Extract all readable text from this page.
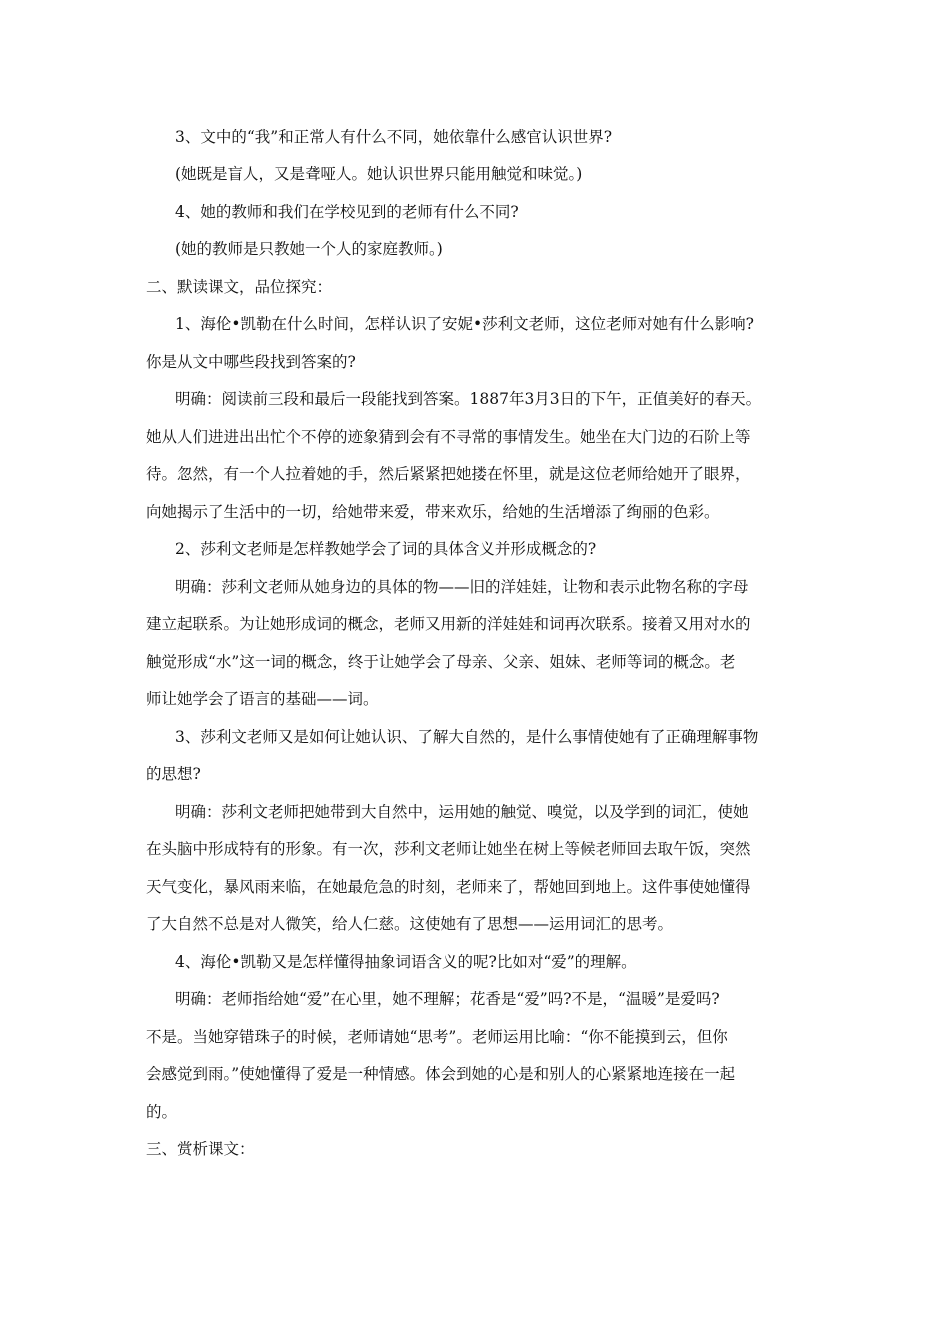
3、文中的“我”和正常人有什么不同，她依靠什么感官认识世界?
(她既是盲人，又是聋哑人。她认识世界只能用触觉和味觉。)
4、她的教师和我们在学校见到的老师有什么不同?
(她的教师是只教她一个人的家庭教师。)
二、默读课文，品位探究：
1、海伦•凯勒在什么时间，怎样认识了安妮•莎利文老师，这位老师对她有什么影响?
你是从文中哪些段找到答案的?
明确：阅读前三段和最后一段能找到答案。1887年3月3日的下午，正值美好的春天。
她从人们进进出出忙个不停的迹象猜到会有不寻常的事情发生。她坐在大门边的石阶上等
待。忽然，有一个人拉着她的手，然后紧紧把她搂在怀里，就是这位老师给她开了眼界，
向她揭示了生活中的一切，给她带来爱，带来欢乐，给她的生活增添了绚丽的色彩。
2、莎利文老师是怎样教她学会了词的具体含义并形成概念的?
明确：莎利文老师从她身边的具体的物——旧的洋娃娃，让物和表示此物名称的字母
建立起联系。为让她形成词的概念，老师又用新的洋娃娃和词再次联系。接着又用对水的
触觉形成“水”这一词的概念，终于让她学会了母亲、父亲、姐妹、老师等词的概念。老
师让她学会了语言的基础——词。
3、莎利文老师又是如何让她认识、了解大自然的，是什么事情使她有了正确理解事物
的思想?
明确：莎利文老师把她带到大自然中，运用她的触觉、嗅觉，以及学到的词汇，使她
在头脑中形成特有的形象。有一次，莎利文老师让她坐在树上等候老师回去取午饭，突然
天气变化，暴风雨来临，在她最危急的时刻，老师来了，帮她回到地上。这件事使她懂得
了大自然不总是对人微笑，给人仁慈。这使她有了思想——运用词汇的思考。
4、海伦•凯勒又是怎样懂得抽象词语含义的呢?比如对“爱”的理解。
明确：老师指给她“爱”在心里，她不理解；花香是“爱”吗?不是，“温暖”是爱吗?
不是。当她穿错珠子的时候，老师请她“思考”。老师运用比喻：“你不能摸到云，但你
会感觉到雨。”使她懂得了爱是一种情感。体会到她的心是和别人的心紧紧地连接在一起
的。
三、赏析课文：
